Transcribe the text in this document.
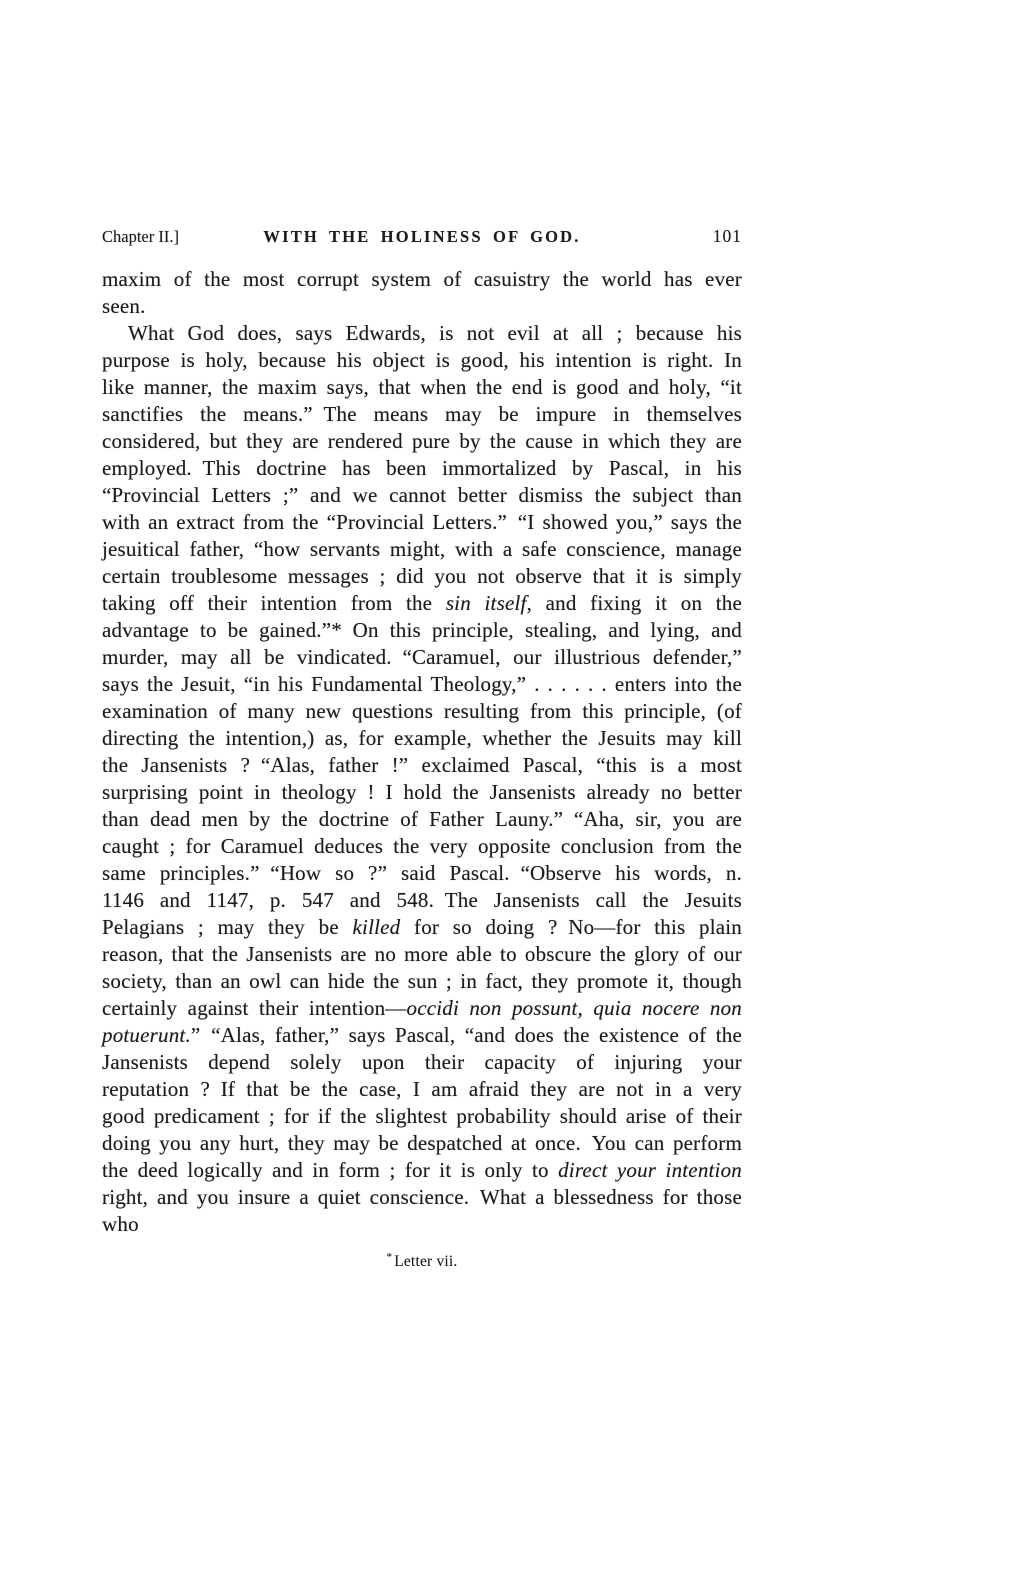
Chapter II.]	WITH THE HOLINESS OF GOD.	101
maxim of the most corrupt system of casuistry the world has ever seen.
What God does, says Edwards, is not evil at all ; because his purpose is holy, because his object is good, his intention is right. In like manner, the maxim says, that when the end is good and holy, “it sanctifies the means.” The means may be impure in themselves considered, but they are rendered pure by the cause in which they are employed. This doctrine has been immortalized by Pascal, in his “Provincial Letters ;” and we cannot better dismiss the subject than with an extract from the “Provincial Letters.” “I showed you,” says the jesuitical father, “how servants might, with a safe conscience, manage certain troublesome messages ; did you not observe that it is simply taking off their intention from the sin itself, and fixing it on the advantage to be gained.”* On this principle, stealing, and lying, and murder, may all be vindicated. “Caramuel, our illustrious defender,” says the Jesuit, “in his Fundamental Theology,” . . . . . . enters into the examination of many new questions resulting from this principle, (of directing the intention,) as, for example, whether the Jesuits may kill the Jansenists ? “Alas, father !” exclaimed Pascal, “this is a most surprising point in theology ! I hold the Jansenists already no better than dead men by the doctrine of Father Launy.” “Aha, sir, you are caught ; for Caramuel deduces the very opposite conclusion from the same principles.” “How so ?” said Pascal. “Observe his words, n. 1146 and 1147, p. 547 and 548. The Jansenists call the Jesuits Pelagians ; may they be killed for so doing ? No—for this plain reason, that the Jansenists are no more able to obscure the glory of our society, than an owl can hide the sun ; in fact, they promote it, though certainly against their intention—occidi non possunt, quia nocere non potuerunt.” “Alas, father,” says Pascal, “and does the existence of the Jansenists depend solely upon their capacity of injuring your reputation ? If that be the case, I am afraid they are not in a very good predicament ; for if the slightest probability should arise of their doing you any hurt, they may be despatched at once. You can perform the deed logically and in form ; for it is only to direct your intention right, and you insure a quiet conscience. What a blessedness for those who
* Letter vii.
